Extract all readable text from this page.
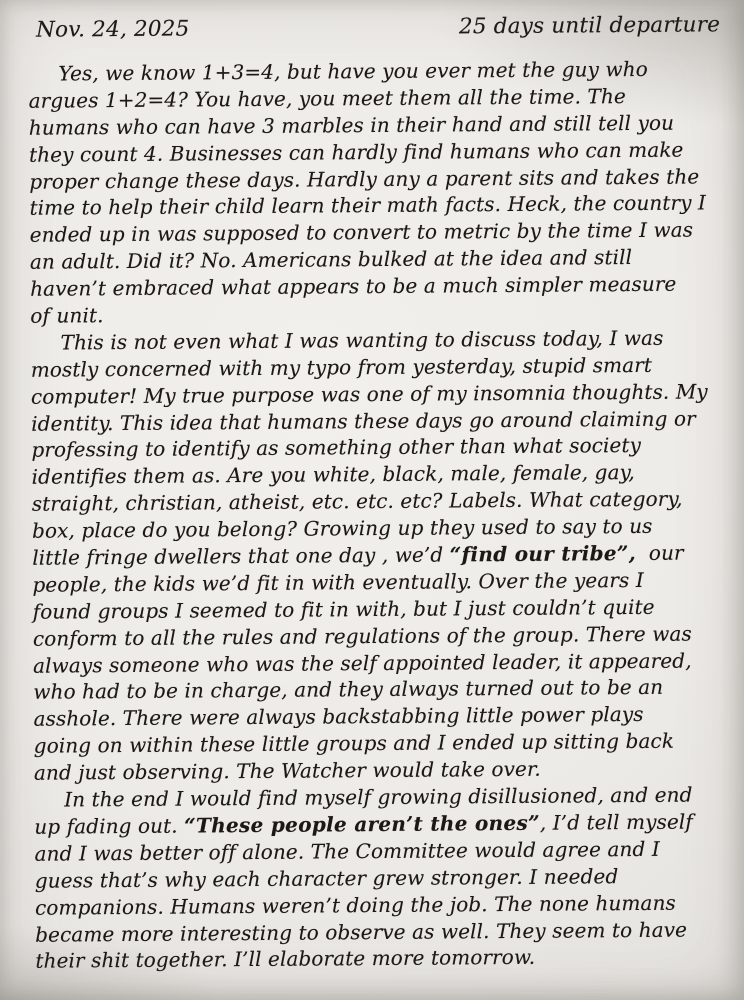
Nov. 24, 2025	25 days until departure
Yes, we know 1+3=4, but have you ever met the guy who
argues 1+2=4? You have, you meet them all the time. The
humans who can have 3 marbles in their hand and still tell you
they count 4. Businesses can hardly find humans who can make
proper change these days. Hardly any a parent sits and takes the
time to help their child learn their math facts. Heck, the country I
ended up in was supposed to convert to metric by the time I was
an adult. Did it? No. Americans bulked at the idea and still
haven’t embraced what appears to be a much simpler measure
of unit.
This is not even what I was wanting to discuss today, I was
mostly concerned with my typo from yesterday, stupid smart
computer! My true purpose was one of my insomnia thoughts. My
identity. This idea that humans these days go around claiming or
professing to identify as something other than what society
identifies them as. Are you white, black, male, female, gay,
straight, christian, atheist, etc. etc. etc? Labels. What category,
box, place do you belong? Growing up they used to say to us
little fringe dwellers that one day , we’d “find our tribe”,  our
people, the kids we’d fit in with eventually. Over the years I
found groups I seemed to fit in with, but I just couldn’t quite
conform to all the rules and regulations of the group. There was
always someone who was the self appointed leader, it appeared,
who had to be in charge, and they always turned out to be an
asshole. There were always backstabbing little power plays
going on within these little groups and I ended up sitting back
and just observing. The Watcher would take over.
In the end I would find myself growing disillusioned, and end
up fading out. “These people aren’t the ones”, I’d tell myself
and I was better off alone. The Committee would agree and I
guess that’s why each character grew stronger. I needed
companions. Humans weren’t doing the job. The none humans
became more interesting to observe as well. They seem to have
their shit together. I’ll elaborate more tomorrow.
